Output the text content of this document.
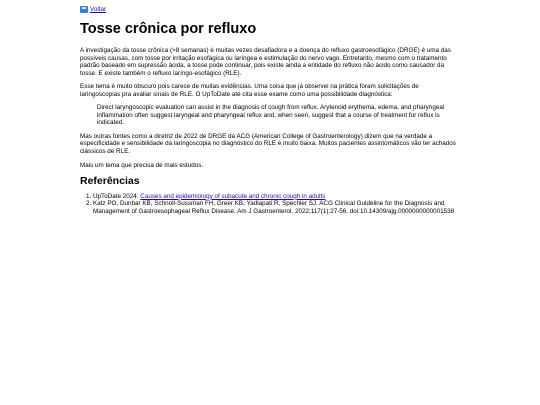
⬅ Voltar
Tosse crônica por refluxo

A investigação da tosse crônica (>8 semanas) é muitas vezes desafiadora e a doença do refluxo gastroesofágico (DRGE) é uma das possíveis causas, com tosse por irritação esofágica ou laríngea e estimulação do nervo vago. Entretanto, mesmo com o tratamento padrão baseado em supressão ácida, a tosse pode continuar, pois existe ainda a entidade do refluxo não ácido como causador da tosse. E existe também o refluxo laríngo-esofágico (RLE).

Esse tema é muito obscuro pois carece de muitas evidências. Uma coisa que já observei na prática foram solicitações de laringoscopias pra avaliar sinais de RLE. O UpToDate até cita esse exame como uma possibilidade diagnóstica:

Direct laryngoscopic evaluation can assist in the diagnosis of cough from reflux. Arytenoid erythema, edema, and pharyngeal inflammation often suggest laryngeal and pharyngeal reflux and, when seen, suggest that a course of treatment for reflux is indicated.

Mas outras fontes como a diretriz de 2022 de DRGE da ACG (American College of Gastroenterology) dizem que na verdade a especificidade e sensibilidade da laringoscopia no diagnóstico do RLE é muito baixa. Muitos pacientes assintomáticos vão ter achados clássicos de RLE.

Mais um tema que precisa de mais estudos.

Referências
1. UpToDate 2024: Causes and epidemiology of subacute and chronic cough in adults
2. Katz PO, Dunbar KB, Schnoll-Sussman FH, Greer KB, Yadlapati R, Spechler SJ. ACG Clinical Guideline for the Diagnosis and Management of Gastroesophageal Reflux Disease. Am J Gastroenterol. 2022;117(1):27-56. doi:10.14309/ajg.0000000000001538
